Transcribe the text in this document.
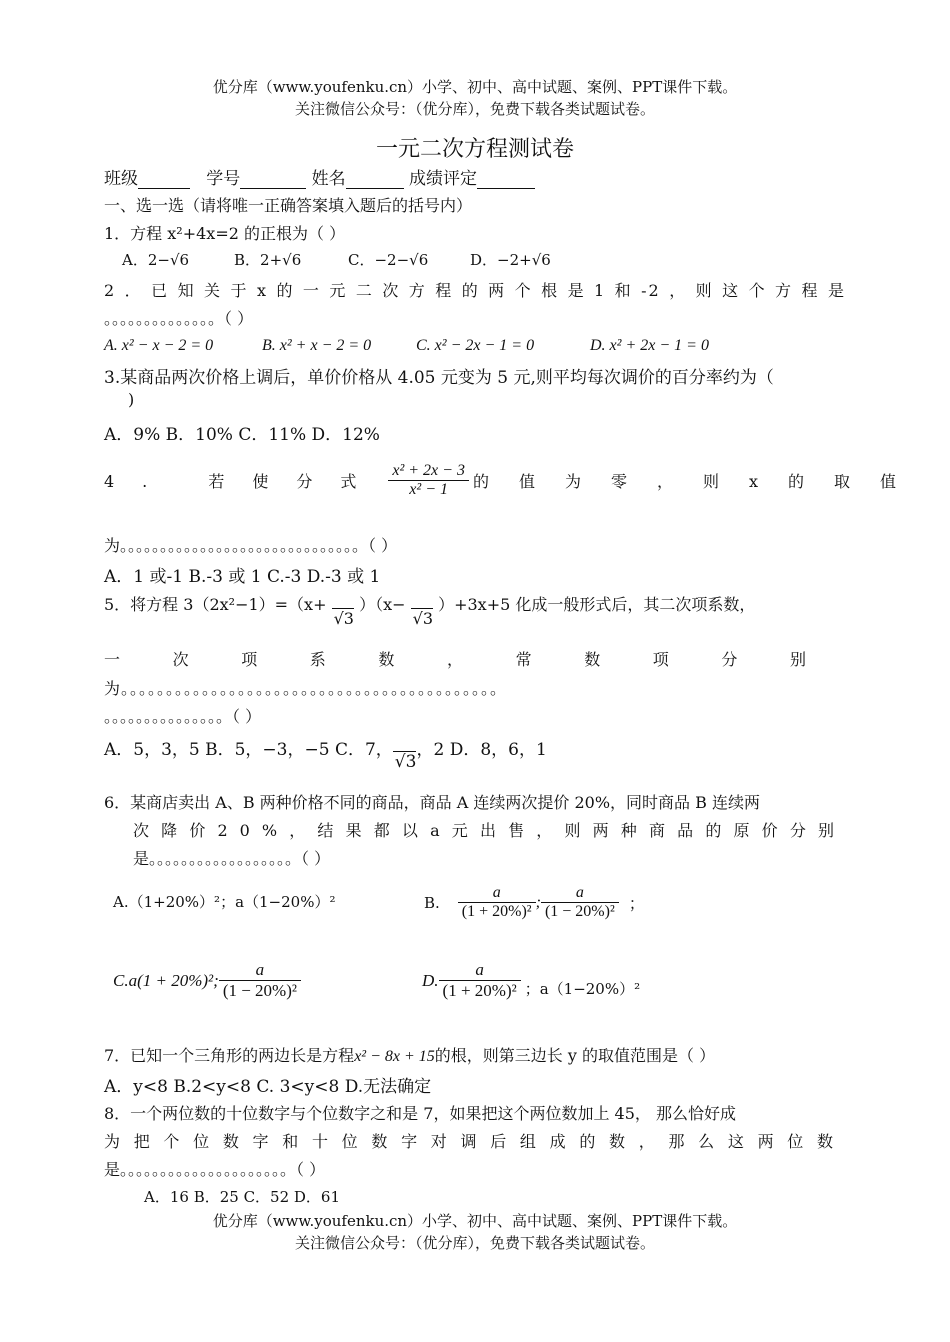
优分库（www.youfenku.cn）小学、初中、高中试题、案例、PPT课件下载。
关注微信公众号：（优分库），免费下载各类试题试卷。
一元二次方程测试卷
班级	学号	姓名	成绩评定
一、选一选（请将唯一正确答案填入题后的括号内）
1．方程 x²+4x=2 的正根为（ ）
A．2−√6	B．2+√6	C．−2−√6	D．−2+√6
2．已知关于x的一元二次方程的两个根是1和-2，则这个方程是
。。。。。。。。。。。。。。（ ）
A. x² − x − 2 = 0	B. x² + x − 2 = 0	C. x² − 2x − 1 = 0	D. x² + 2x − 1 = 0
3.某商品两次价格上调后，单价价格从 4.05 元变为 5 元,则平均每次调价的百分率约为（
)
A．9% B．10% C．11% D．12%
4. 若使分式 $\frac{\text{x² + 2x − 3}}{\text{x² − 1}}$ 的值为零，则x的取值
为。。。。。。。。。。。。。。。。。。。。。。。。。。。。。。（ ）
A．1 或-1 B.-3 或 1 C.-3 D.-3 或 1
5．将方程 3（2x²−1）=（x+ √3 ）（x− √3 ）+3x+5 化成一般形式后，其二次项系数，
一次项系数，常数项分别
为。。。。。。。。。。。。。。。。。。。。。。。。。。。。。。。。。。。。。。。。。。
。。。。。。。。。。。。。。。（ ）
A．5，3，5 B．5，−3，−5 C．7，√3，2 D．8，6，1
6．某商店卖出 A、B 两种价格不同的商品，商品 A 连续两次提价 20%，同时商品 B 连续两
次降价20%，结果都以a元出售，则两种商品的原价分别
是。。。。。。。。。。。。。。。。。。（ ）
A.（1+20%）²；a（1−20%）²	B. $\frac{a}{\text{(1 + 20\%)²}}$ ; $\frac{a}{\text{(1 − 20\%)²}}$ ；
C.a(1 + 20%)²; $\frac{a}{\text{(1 − 20\%)²}}$	D. $\frac{a}{\text{(1 + 20\%)²}}$ ；a（1−20%）²
7．已知一个三角形的两边长是方程x² − 8x + 15的根，则第三边长 y 的取值范围是（ ）
A．y<8 B.2<y<8 C. 3<y<8 D.无法确定
8．一个两位数的十位数字与个位数字之和是 7，如果把这个两位数加上 45， 那么恰好成
为把个位数字和十位数字对调后组成的数，那么这两位数
是。。。。。。。。。。。。。。。。。。。。。（ ）
A．16 B．25 C．52 D．61
优分库（www.youfenku.cn）小学、初中、高中试题、案例、PPT课件下载。
关注微信公众号：（优分库），免费下载各类试题试卷。
